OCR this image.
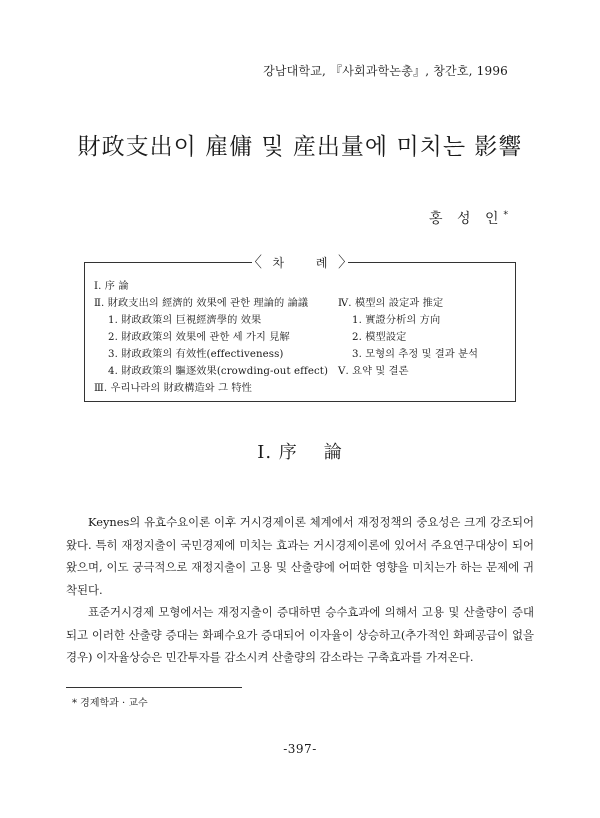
강남대학교, 『사회과학논총』, 창간호, 1996
財政支出이 雇傭 및 産出量에 미치는 影響
홍 성 인*
〈	〉
차 례
Ⅰ. 序 論
Ⅱ. 財政支出의 經濟的 效果에 관한 理論的 論議
1. 財政政策의 巨視經濟學的 效果
2. 財政政策의 效果에 관한 세 가지 見解
3. 財政政策의 有效性(effectiveness)
4. 財政政策의 驅逐效果(crowding-out effect)
Ⅲ. 우리나라의 財政構造와 그 特性
Ⅳ. 模型의 設定과 推定
1. 實證分析의 方向
2. 模型設定
3. 모형의 추정 및 결과 분석
Ⅴ. 요약 및 결론
Ⅰ. 序 論

Keynes의 유효수요이론 이후 거시경제이론 체계에서 재정정책의 중요성은 크게 강조되어 왔다. 특히 재정지출이 국민경제에 미치는 효과는 거시경제이론에 있어서 주요연구대상이 되어 왔으며, 이도 궁극적으로 재정지출이 고용 및 산출량에 어떠한 영향을 미치는가 하는 문제에 귀착된다.

표준거시경제 모형에서는 재정지출이 증대하면 승수효과에 의해서 고용 및 산출량이 증대되고 이러한 산출량 증대는 화폐수요가 증대되어 이자율이 상승하고(추가적인 화폐공급이 없을 경우) 이자율상승은 민간투자를 감소시켜 산출량의 감소라는 구축효과를 가져온다.

* 경제학과 · 교수
-397-
